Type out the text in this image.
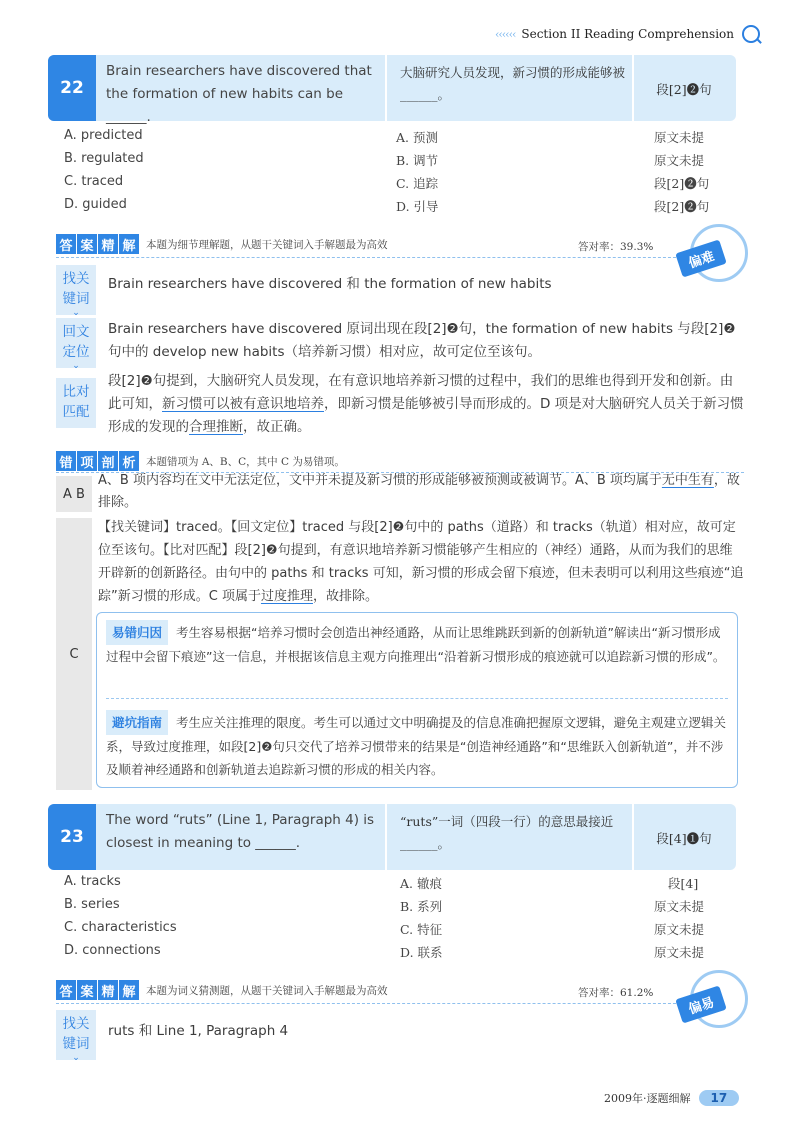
‹‹‹‹‹‹ Section II Reading Comprehension
22
Brain researchers have discovered that the formation of new habits can be ______.
大脑研究人员发现，新习惯的形成能够被______。	段[2]❷句
A. predicted	A. 预测	原文未提
B. regulated	B. 调节	原文未提
C. traced	C. 追踪	段[2]❷句
D. guided	D. 引导	段[2]❷句
答 案 精 解	本题为细节理解题，从题干关键词入手解题最为高效	答对率：39.3%
偏难
找关
键词
⌄
Brain researchers have discovered 和 the formation of new habits
回文
定位
⌄
Brain researchers have discovered 原词出现在段[2]❷句，the formation of new habits 与段[2]❷句中的 develop new habits（培养新习惯）相对应，故可定位至该句。
比对
匹配
段[2]❷句提到，大脑研究人员发现，在有意识地培养新习惯的过程中，我们的思维也得到开发和创新。由此可知，新习惯可以被有意识地培养，即新习惯是能够被引导而形成的。D 项是对大脑研究人员关于新习惯形成的发现的合理推断，故正确。
错 项 剖 析	本题错项为 A、B、C，其中 C 为易错项。
A B
A、B 项内容均在文中无法定位，文中并未提及新习惯的形成能够被预测或被调节。A、B 项均属于无中生有，故排除。
C
【找关键词】traced。【回文定位】traced 与段[2]❷句中的 paths（道路）和 tracks（轨道）相对应，故可定位至该句。【比对匹配】段[2]❷句提到，有意识地培养新习惯能够产生相应的（神经）通路，从而为我们的思维开辟新的创新路径。由句中的 paths 和 tracks 可知，新习惯的形成会留下痕迹，但未表明可以利用这些痕迹“追踪”新习惯的形成。C 项属于过度推理，故排除。
易错归因 考生容易根据“培养习惯时会创造出神经通路，从而让思维跳跃到新的创新轨道”解读出“新习惯形成过程中会留下痕迹”这一信息，并根据该信息主观方向推理出“沿着新习惯形成的痕迹就可以追踪新习惯的形成”。
避坑指南 考生应关注推理的限度。考生可以通过文中明确提及的信息准确把握原文逻辑，避免主观建立逻辑关系，导致过度推理，如段[2]❷句只交代了培养习惯带来的结果是“创造神经通路”和“思维跃入创新轨道”，并不涉及顺着神经通路和创新轨道去追踪新习惯的形成的相关内容。
23
The word “ruts” (Line 1, Paragraph 4) is closest in meaning to ______.
“ruts”一词（四段一行）的意思最接近______。	段[4]❶句
A. tracks	A. 辙痕	段[4]
B. series	B. 系列	原文未提
C. characteristics	C. 特征	原文未提
D. connections	D. 联系	原文未提
答 案 精 解	本题为词义猜测题，从题干关键词入手解题最为高效	答对率：61.2%
偏易
找关
键词
⌄
ruts 和 Line 1, Paragraph 4
2009年·逐题细解	17
